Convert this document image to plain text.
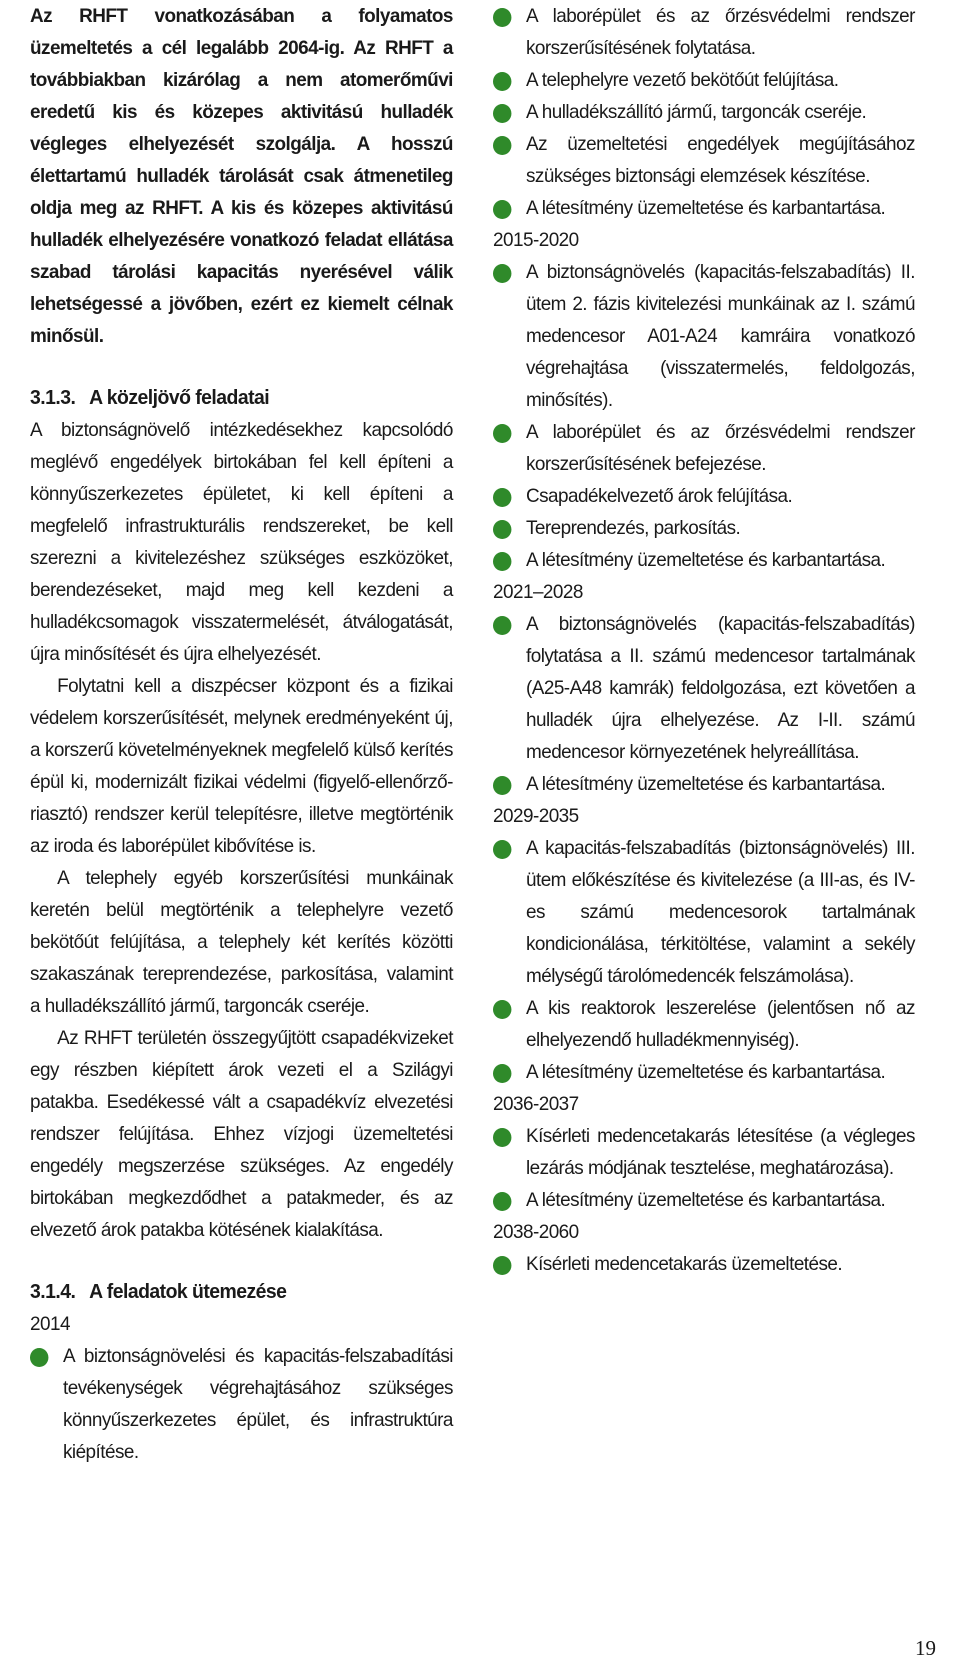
Az RHFT vonatkozásában a folyamatos üzemeltetés a cél legalább 2064-ig. Az RHFT a továbbiakban kizárólag a nem atomerőművi eredetű kis és közepes aktivitású hulladék végleges elhelyezését szolgálja. A hosszú élettartamú hulladék tárolását csak átmenetileg oldja meg az RHFT. A kis és közepes aktivitású hulladék elhelyezésére vonatkozó feladat ellátása szabad tárolási kapacitás nyerésével válik lehetségessé a jövőben, ezért ez kiemelt célnak minősül.

3.1.3. A közeljövő feladatai

A biztonságnövelő intézkedésekhez kapcsolódó meglévő engedélyek birtokában fel kell építeni a könnyűszerkezetes épületet, ki kell építeni a megfelelő infrastrukturális rendszereket, be kell szerezni a kivitelezéshez szükséges eszközöket, berendezéseket, majd meg kell kezdeni a hulladékcsomagok visszatermelését, átválogatását, újra minősítését és újra elhelyezését.

Folytatni kell a diszpécser központ és a fizikai védelem korszerűsítését, melynek eredményeként új, a korszerű követelményeknek megfelelő külső kerítés épül ki, modernizált fizikai védelmi (figyelő-ellenőrző-riasztó) rendszer kerül telepítésre, illetve megtörténik az iroda és laborépület kibővítése is.

A telephely egyéb korszerűsítési munkáinak keretén belül megtörténik a telephelyre vezető bekötőút felújítása, a telephely két kerítés közötti szakaszának tereprendezése, parkosítása, valamint a hulladékszállító jármű, targoncák cseréje.

Az RHFT területén összegyűjtött csapadékvizeket egy részben kiépített árok vezeti el a Szilágyi patakba. Esedékessé vált a csapadékvíz elvezetési rendszer felújítása. Ehhez vízjogi üzemeltetési engedély megszerzése szükséges. Az engedély birtokában megkezdődhet a patakmeder, és az elvezető árok patakba kötésének kialakítása.

3.1.4. A feladatok ütemezése

2014

A biztonságnövelési és kapacitás-felszabadítási tevékenységek végrehajtásához szükséges könnyűszerkezetes épület, és infrastruktúra kiépítése.
A laborépület és az őrzésvédelmi rendszer korszerűsítésének folytatása.
A telephelyre vezető bekötőút felújítása.
A hulladékszállító jármű, targoncák cseréje.
Az üzemeltetési engedélyek megújításához szükséges biztonsági elemzések készítése.
A létesítmény üzemeltetése és karbantartása.

2015-2020

A biztonságnövelés (kapacitás-felszabadítás) II. ütem 2. fázis kivitelezési munkáinak az I. számú medencesor A01-A24 kamráira vonatkozó végrehajtása (visszatermelés, feldolgozás, minősítés).
A laborépület és az őrzésvédelmi rendszer korszerűsítésének befejezése.
Csapadékelvezető árok felújítása.
Tereprendezés, parkosítás.
A létesítmény üzemeltetése és karbantartása.

2021–2028

A biztonságnövelés (kapacitás-felszabadítás) folytatása a II. számú medencesor tartalmának (A25-A48 kamrák) feldolgozása, ezt követően a hulladék újra elhelyezése. Az I-II. számú medencesor környezetének helyreállítása.
A létesítmény üzemeltetése és karbantartása.

2029-2035

A kapacitás-felszabadítás (biztonságnövelés) III. ütem előkészítése és kivitelezése (a III-as, és IV-es számú medencesorok tartalmának kondicionálása, térkitöltése, valamint a sekély mélységű tárolómedencék felszámolása).
A kis reaktorok leszerelése (jelentősen nő az elhelyezendő hulladékmennyiség).
A létesítmény üzemeltetése és karbantartása.

2036-2037

Kísérleti medencetakarás létesítése (a végleges lezárás módjának tesztelése, meghatározása).
A létesítmény üzemeltetése és karbantartása.

2038-2060

Kísérleti medencetakarás üzemeltetése.
19
